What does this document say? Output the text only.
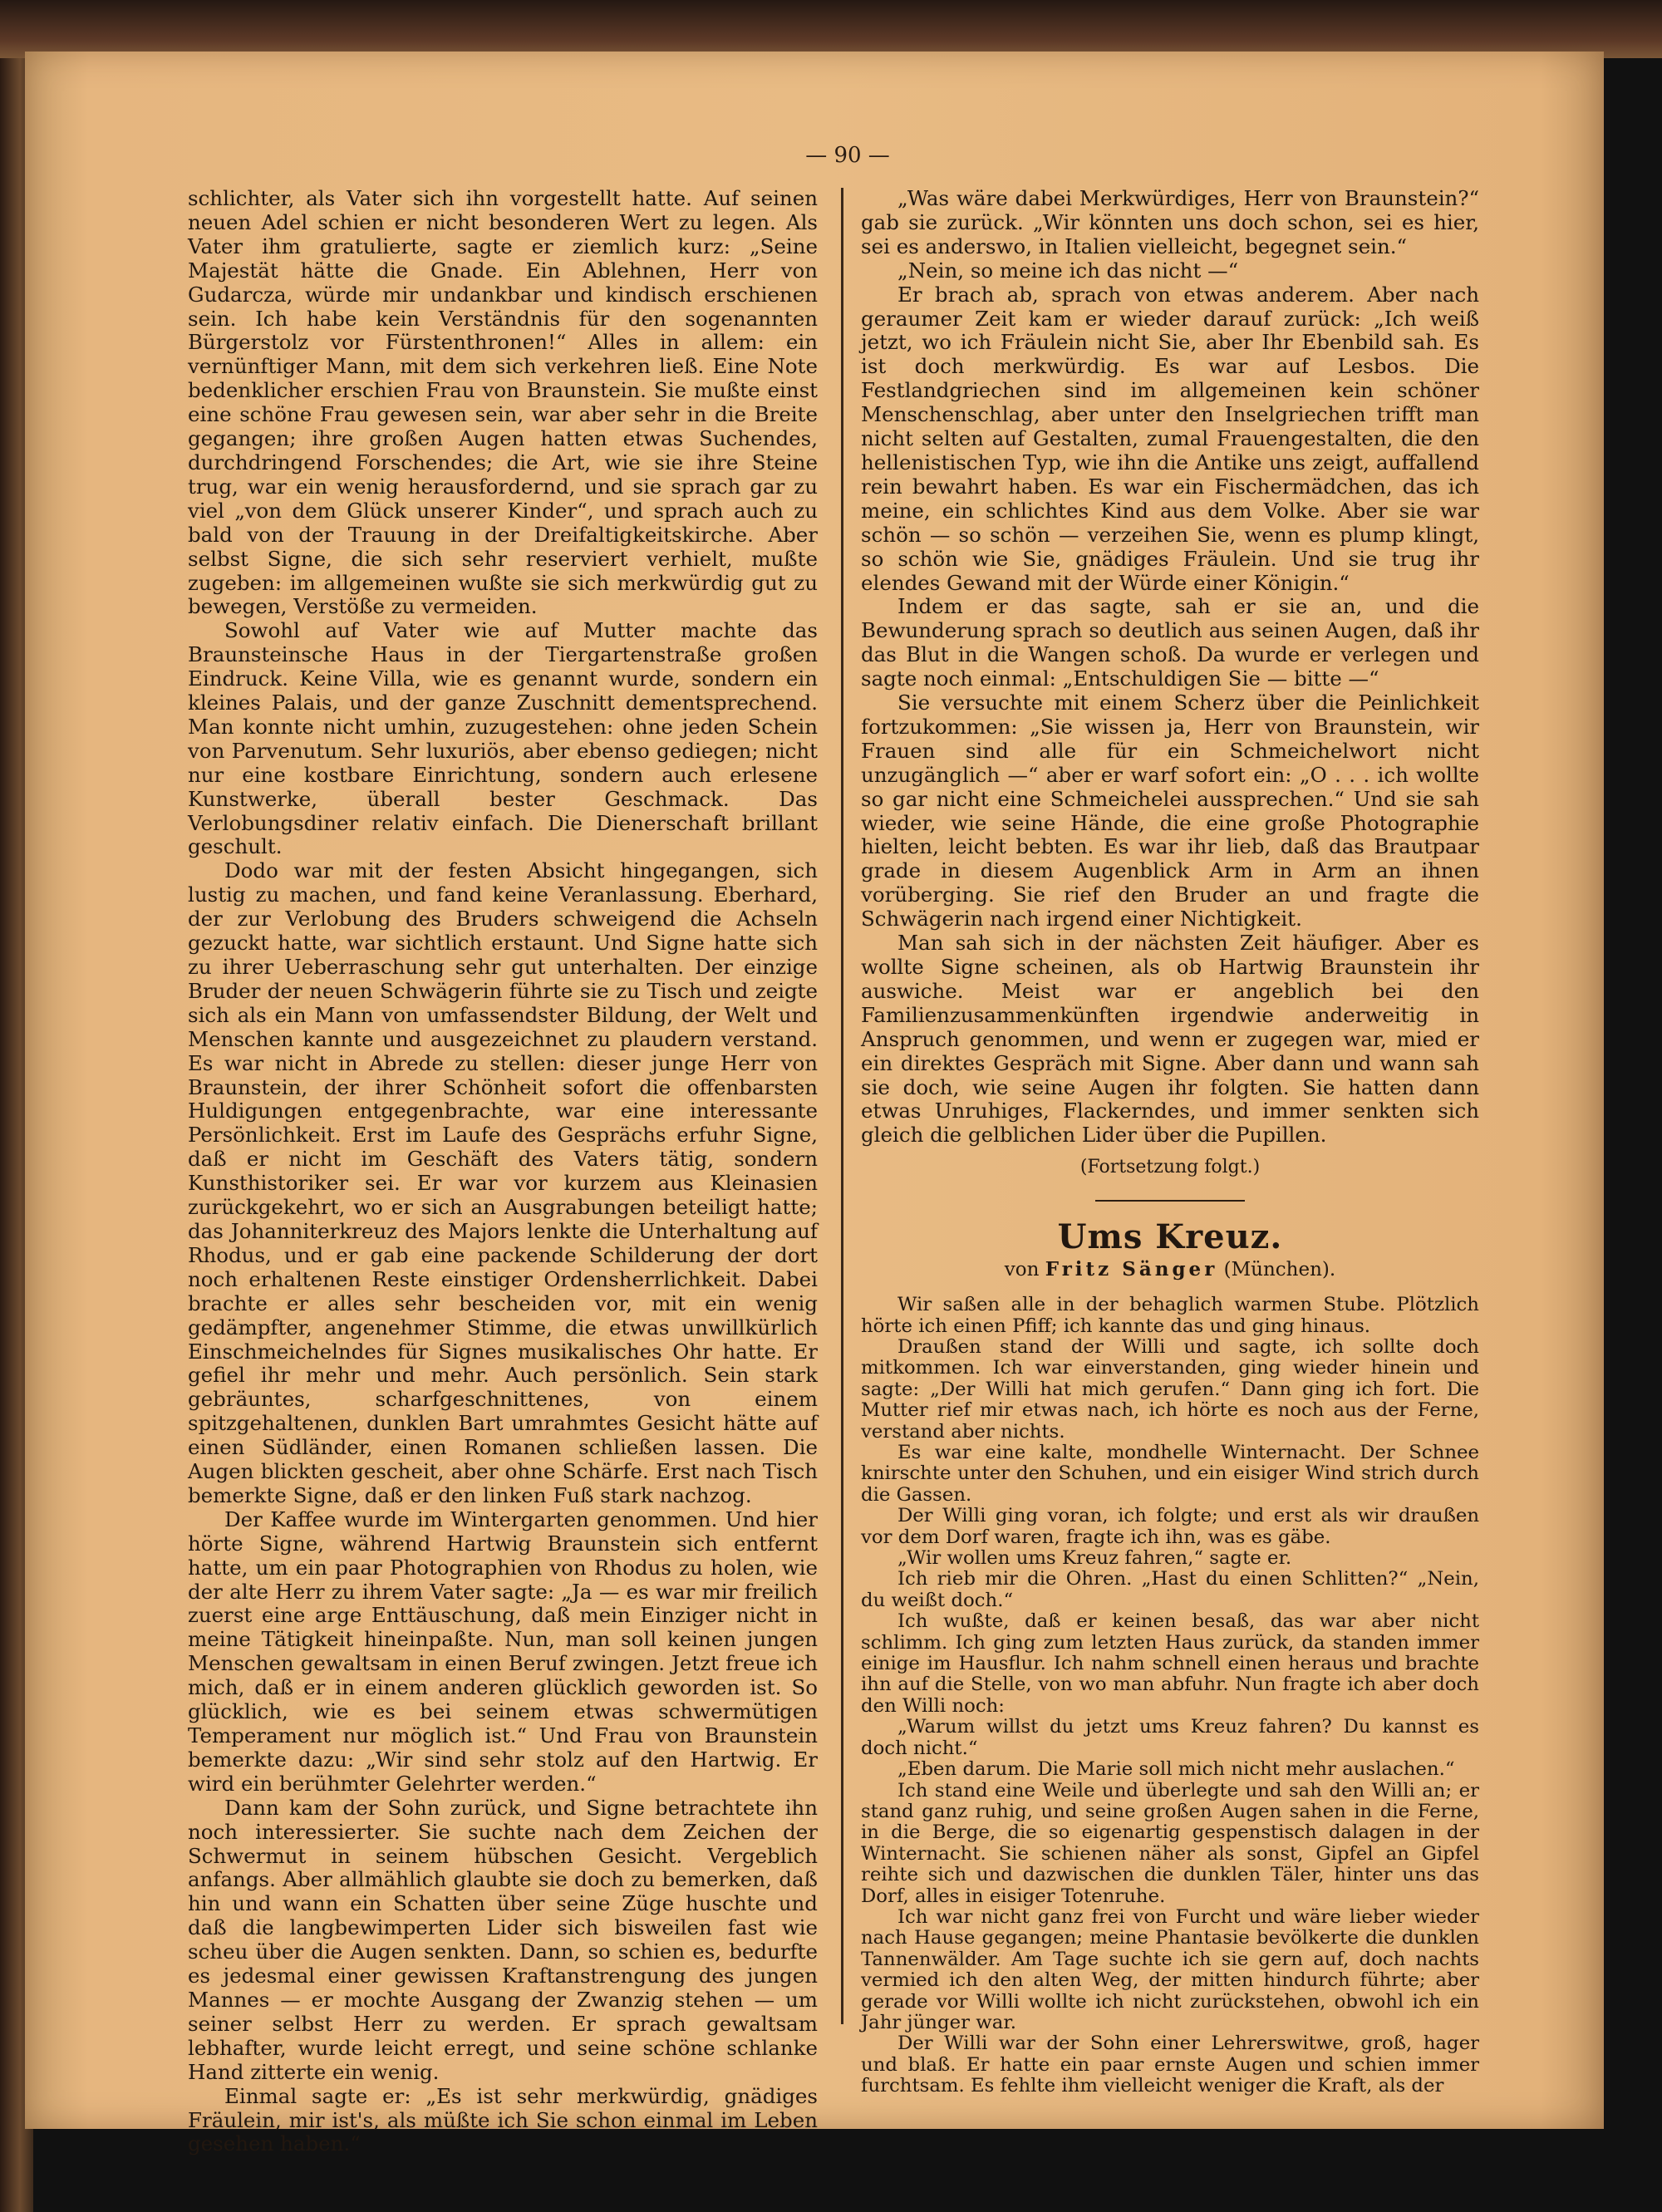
— 90 —

schlichter, als Vater sich ihn vorgestellt hatte. Auf seinen neuen Adel schien er nicht besonderen Wert zu legen. Als Vater ihm gratulierte, sagte er ziemlich kurz: „Seine Majestät hätte die Gnade. Ein Ablehnen, Herr von Gudarcza, würde mir undankbar und kindisch erschienen sein. Ich habe kein Verständnis für den sogenannten Bürgerstolz vor Fürstenthronen!“ Alles in allem: ein vernünftiger Mann, mit dem sich verkehren ließ. Eine Note bedenklicher erschien Frau von Braunstein. Sie mußte einst eine schöne Frau gewesen sein, war aber sehr in die Breite gegangen; ihre großen Augen hatten etwas Suchendes, durchdringend Forschendes; die Art, wie sie ihre Steine trug, war ein wenig herausfordernd, und sie sprach gar zu viel „von dem Glück unserer Kinder“, und sprach auch zu bald von der Trauung in der Dreifaltigkeitskirche. Aber selbst Signe, die sich sehr reserviert verhielt, mußte zugeben: im allgemeinen wußte sie sich merkwürdig gut zu bewegen, Verstöße zu vermeiden.

Sowohl auf Vater wie auf Mutter machte das Braunsteinsche Haus in der Tiergartenstraße großen Eindruck. Keine Villa, wie es genannt wurde, sondern ein kleines Palais, und der ganze Zuschnitt dementsprechend. Man konnte nicht umhin, zuzugestehen: ohne jeden Schein von Parvenutum. Sehr luxuriös, aber ebenso gediegen; nicht nur eine kostbare Einrichtung, sondern auch erlesene Kunstwerke, überall bester Geschmack. Das Verlobungsdiner relativ einfach. Die Dienerschaft brillant geschult.

Dodo war mit der festen Absicht hingegangen, sich lustig zu machen, und fand keine Veranlassung. Eberhard, der zur Verlobung des Bruders schweigend die Achseln gezuckt hatte, war sichtlich erstaunt. Und Signe hatte sich zu ihrer Ueberraschung sehr gut unterhalten. Der einzige Bruder der neuen Schwägerin führte sie zu Tisch und zeigte sich als ein Mann von umfassendster Bildung, der Welt und Menschen kannte und ausgezeichnet zu plaudern verstand. Es war nicht in Abrede zu stellen: dieser junge Herr von Braunstein, der ihrer Schönheit sofort die offenbarsten Huldigungen entgegenbrachte, war eine interessante Persönlichkeit. Erst im Laufe des Gesprächs erfuhr Signe, daß er nicht im Geschäft des Vaters tätig, sondern Kunsthistoriker sei. Er war vor kurzem aus Kleinasien zurückgekehrt, wo er sich an Ausgrabungen beteiligt hatte; das Johanniterkreuz des Majors lenkte die Unterhaltung auf Rhodus, und er gab eine packende Schilderung der dort noch erhaltenen Reste einstiger Ordensherrlichkeit. Dabei brachte er alles sehr bescheiden vor, mit ein wenig gedämpfter, angenehmer Stimme, die etwas unwillkürlich Einschmeichelndes für Signes musikalisches Ohr hatte. Er gefiel ihr mehr und mehr. Auch persönlich. Sein stark gebräuntes, scharfgeschnittenes, von einem spitzgehaltenen, dunklen Bart umrahmtes Gesicht hätte auf einen Südländer, einen Romanen schließen lassen. Die Augen blickten gescheit, aber ohne Schärfe. Erst nach Tisch bemerkte Signe, daß er den linken Fuß stark nachzog.

Der Kaffee wurde im Wintergarten genommen. Und hier hörte Signe, während Hartwig Braunstein sich entfernt hatte, um ein paar Photographien von Rhodus zu holen, wie der alte Herr zu ihrem Vater sagte: „Ja — es war mir freilich zuerst eine arge Enttäuschung, daß mein Einziger nicht in meine Tätigkeit hineinpaßte. Nun, man soll keinen jungen Menschen gewaltsam in einen Beruf zwingen. Jetzt freue ich mich, daß er in einem anderen glücklich geworden ist. So glücklich, wie es bei seinem etwas schwermütigen Temperament nur möglich ist.“ Und Frau von Braunstein bemerkte dazu: „Wir sind sehr stolz auf den Hartwig. Er wird ein berühmter Gelehrter werden.“

Dann kam der Sohn zurück, und Signe betrachtete ihn noch interessierter. Sie suchte nach dem Zeichen der Schwermut in seinem hübschen Gesicht. Vergeblich anfangs. Aber allmählich glaubte sie doch zu bemerken, daß hin und wann ein Schatten über seine Züge huschte und daß die langbewimperten Lider sich bisweilen fast wie scheu über die Augen senkten. Dann, so schien es, bedurfte es jedesmal einer gewissen Kraftanstrengung des jungen Mannes — er mochte Ausgang der Zwanzig stehen — um seiner selbst Herr zu werden. Er sprach gewaltsam lebhafter, wurde leicht erregt, und seine schöne schlanke Hand zitterte ein wenig.

Einmal sagte er: „Es ist sehr merkwürdig, gnädiges Fräulein, mir ist's, als müßte ich Sie schon einmal im Leben gesehen haben.“

„Was wäre dabei Merkwürdiges, Herr von Braunstein?“ gab sie zurück. „Wir könnten uns doch schon, sei es hier, sei es anderswo, in Italien vielleicht, begegnet sein.“

„Nein, so meine ich das nicht —“

Er brach ab, sprach von etwas anderem. Aber nach geraumer Zeit kam er wieder darauf zurück: „Ich weiß jetzt, wo ich Fräulein nicht Sie, aber Ihr Ebenbild sah. Es ist doch merkwürdig. Es war auf Lesbos. Die Festlandgriechen sind im allgemeinen kein schöner Menschenschlag, aber unter den Inselgriechen trifft man nicht selten auf Gestalten, zumal Frauengestalten, die den hellenistischen Typ, wie ihn die Antike uns zeigt, auffallend rein bewahrt haben. Es war ein Fischermädchen, das ich meine, ein schlichtes Kind aus dem Volke. Aber sie war schön — so schön — verzeihen Sie, wenn es plump klingt, so schön wie Sie, gnädiges Fräulein. Und sie trug ihr elendes Gewand mit der Würde einer Königin.“

Indem er das sagte, sah er sie an, und die Bewunderung sprach so deutlich aus seinen Augen, daß ihr das Blut in die Wangen schoß. Da wurde er verlegen und sagte noch einmal: „Entschuldigen Sie — bitte —“

Sie versuchte mit einem Scherz über die Peinlichkeit fortzukommen: „Sie wissen ja, Herr von Braunstein, wir Frauen sind alle für ein Schmeichelwort nicht unzugänglich —“ aber er warf sofort ein: „O . . . ich wollte so gar nicht eine Schmeichelei aussprechen.“ Und sie sah wieder, wie seine Hände, die eine große Photographie hielten, leicht bebten. Es war ihr lieb, daß das Brautpaar grade in diesem Augenblick Arm in Arm an ihnen vorüberging. Sie rief den Bruder an und fragte die Schwägerin nach irgend einer Nichtigkeit.

Man sah sich in der nächsten Zeit häufiger. Aber es wollte Signe scheinen, als ob Hartwig Braunstein ihr auswiche. Meist war er angeblich bei den Familienzusammenkünften irgendwie anderweitig in Anspruch genommen, und wenn er zugegen war, mied er ein direktes Gespräch mit Signe. Aber dann und wann sah sie doch, wie seine Augen ihr folgten. Sie hatten dann etwas Unruhiges, Flackerndes, und immer senkten sich gleich die gelblichen Lider über die Pupillen.

(Fortsetzung folgt.)

Ums Kreuz.
von Fritz Sänger (München).

Wir saßen alle in der behaglich warmen Stube. Plötzlich hörte ich einen Pfiff; ich kannte das und ging hinaus.

Draußen stand der Willi und sagte, ich sollte doch mitkommen. Ich war einverstanden, ging wieder hinein und sagte: „Der Willi hat mich gerufen.“ Dann ging ich fort. Die Mutter rief mir etwas nach, ich hörte es noch aus der Ferne, verstand aber nichts.

Es war eine kalte, mondhelle Winternacht. Der Schnee knirschte unter den Schuhen, und ein eisiger Wind strich durch die Gassen.

Der Willi ging voran, ich folgte; und erst als wir draußen vor dem Dorf waren, fragte ich ihn, was es gäbe.

„Wir wollen ums Kreuz fahren,“ sagte er.

Ich rieb mir die Ohren. „Hast du einen Schlitten?“ „Nein, du weißt doch.“

Ich wußte, daß er keinen besaß, das war aber nicht schlimm. Ich ging zum letzten Haus zurück, da standen immer einige im Hausflur. Ich nahm schnell einen heraus und brachte ihn auf die Stelle, von wo man abfuhr. Nun fragte ich aber doch den Willi noch:

„Warum willst du jetzt ums Kreuz fahren? Du kannst es doch nicht.“

„Eben darum. Die Marie soll mich nicht mehr auslachen.“

Ich stand eine Weile und überlegte und sah den Willi an; er stand ganz ruhig, und seine großen Augen sahen in die Ferne, in die Berge, die so eigenartig gespenstisch dalagen in der Winternacht. Sie schienen näher als sonst, Gipfel an Gipfel reihte sich und dazwischen die dunklen Täler, hinter uns das Dorf, alles in eisiger Totenruhe.

Ich war nicht ganz frei von Furcht und wäre lieber wieder nach Hause gegangen; meine Phantasie bevölkerte die dunklen Tannenwälder. Am Tage suchte ich sie gern auf, doch nachts vermied ich den alten Weg, der mitten hindurch führte; aber gerade vor Willi wollte ich nicht zurückstehen, obwohl ich ein Jahr jünger war.

Der Willi war der Sohn einer Lehrerswitwe, groß, hager und blaß. Er hatte ein paar ernste Augen und schien immer furchtsam. Es fehlte ihm vielleicht weniger die Kraft, als der
